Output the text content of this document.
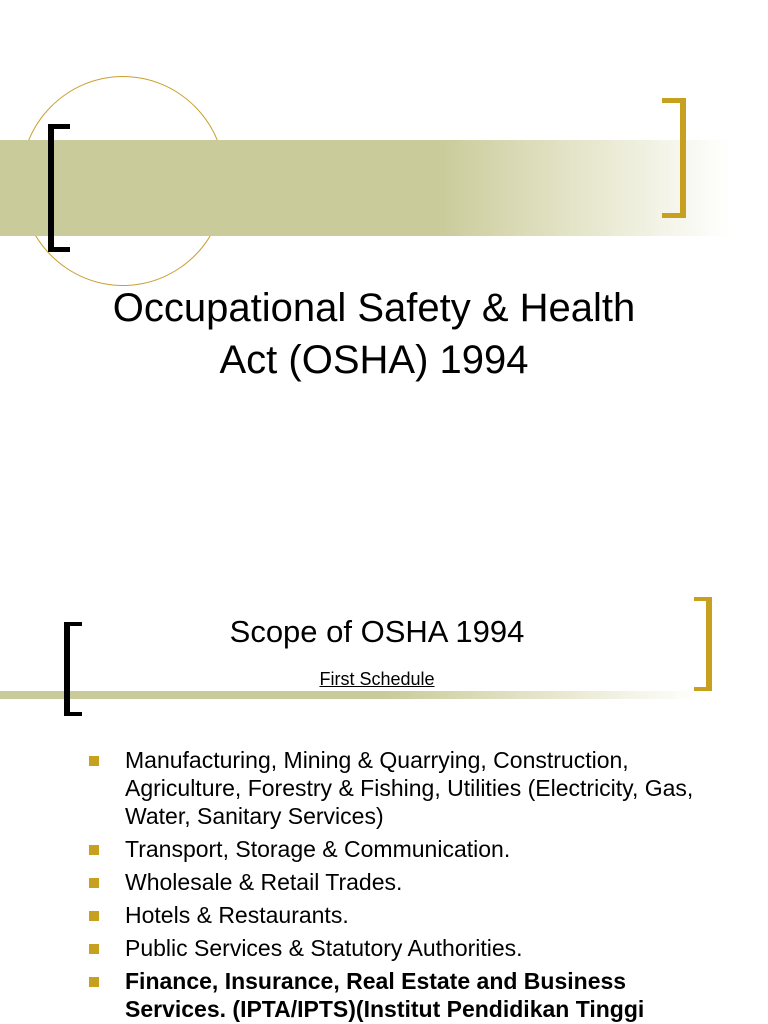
Occupational Safety & Health
Act (OSHA) 1994
Scope of OSHA 1994
First Schedule
Manufacturing, Mining & Quarrying, Construction, Agriculture, Forestry & Fishing, Utilities (Electricity, Gas, Water, Sanitary Services)
Transport, Storage & Communication.
Wholesale & Retail Trades.
Hotels & Restaurants.
Public Services & Statutory Authorities.
Finance, Insurance, Real Estate and Business Services. (IPTA/IPTS)(Institut Pendidikan Tinggi
